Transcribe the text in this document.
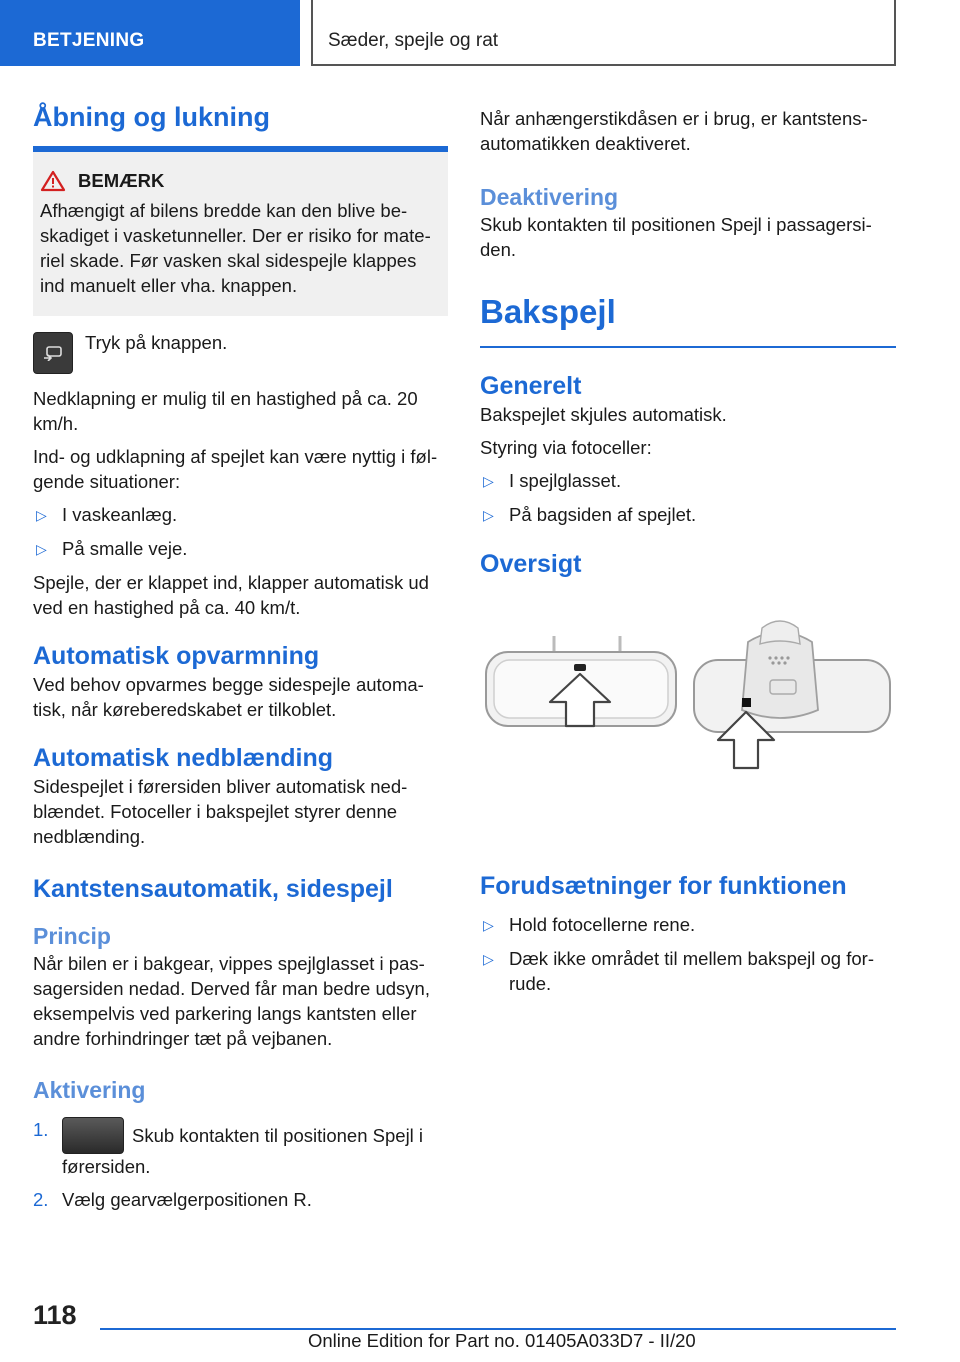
BETJENING	Sæder, spejle og rat
Åbning og lukning
BEMÆRK
Afhængigt af bilens bredde kan den blive beskadiget i vasketunneller. Der er risiko for materiel skade. Før vasken skal sidespejle klappes ind manuelt eller vha. knappen.
Tryk på knappen.
Nedklapning er mulig til en hastighed på ca. 20 km/h.
Ind- og udklapning af spejlet kan være nyttig i følgende situationer:
▷ I vaskeanlæg.
▷ På smalle veje.
Spejle, der er klappet ind, klapper automatisk ud ved en hastighed på ca. 40 km/t.
Automatisk opvarmning
Ved behov opvarmes begge sidespejle automatisk, når køreberedskabet er tilkoblet.
Automatisk nedblænding
Sidespejlet i førersiden bliver automatisk nedblændet. Fotoceller i bakspejlet styrer denne nedblænding.
Kantstensautomatik, sidespejl
Princip
Når bilen er i bakgear, vippes spejlglasset i passagersiden nedad. Derved får man bedre udsyn, eksempelvis ved parkering langs kantsten eller andre forhindringer tæt på vejbanen.
Aktivering
1.	Skub kontakten til positionen Spejl i førersiden.
2. Vælg gearvælgerpositionen R.
Når anhængerstikdåsen er i brug, er kantstensautomatikken deaktiveret.
Deaktivering
Skub kontakten til positionen Spejl i passagersiden.
Bakspejl
Generelt
Bakspejlet skjules automatisk.
Styring via fotoceller:
▷ I spejlglasset.
▷ På bagsiden af spejlet.
Oversigt
Forudsætninger for funktionen
▷ Hold fotocellerne rene.
▷ Dæk ikke området til mellem bakspejl og forrude.
118
Online Edition for Part no. 01405A033D7 - II/20
